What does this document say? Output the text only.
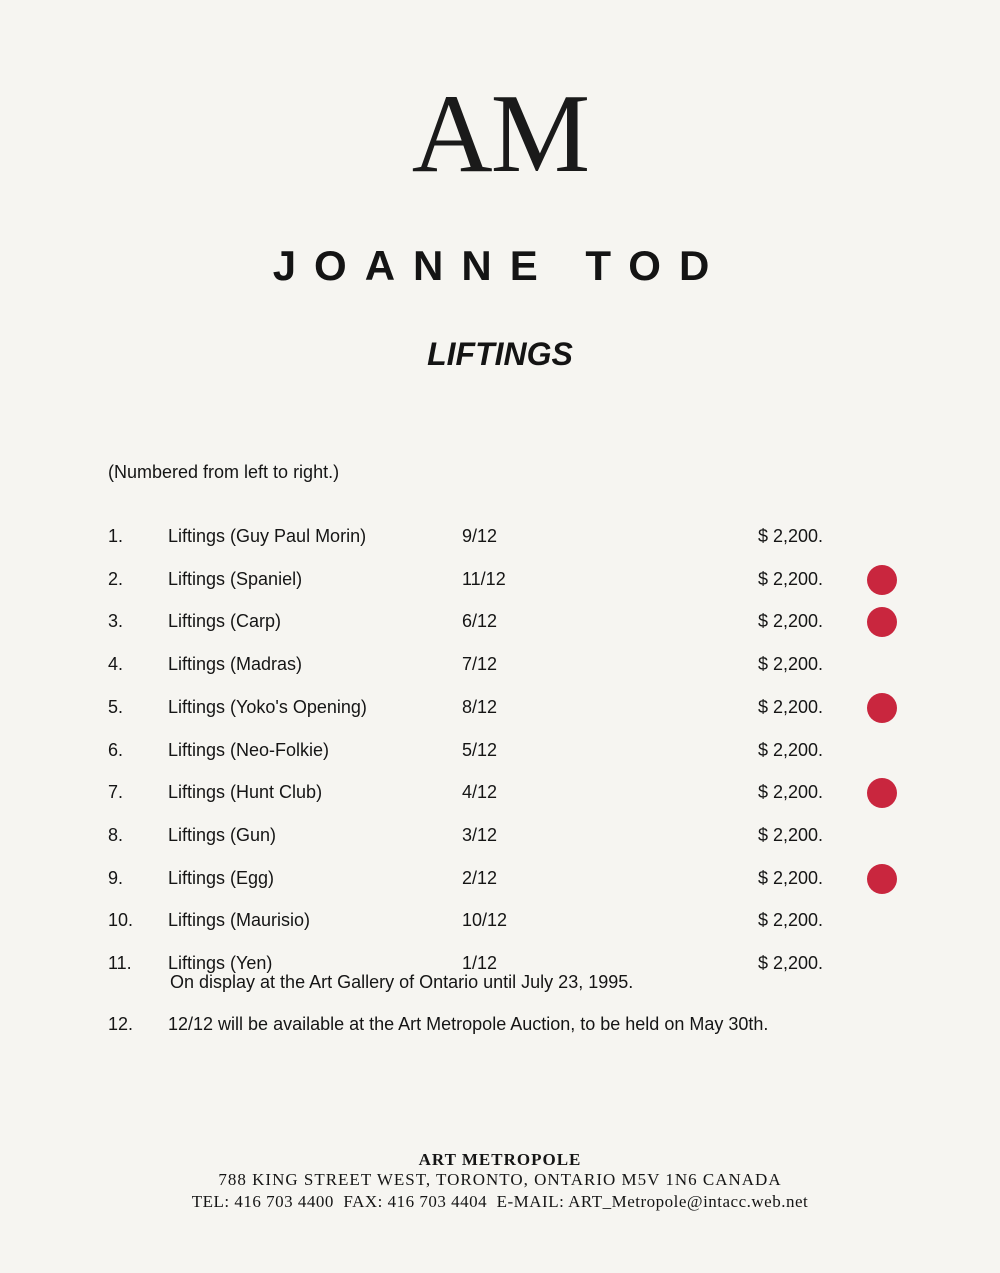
AM
JOANNE TOD
LIFTINGS
(Numbered from left to right.)
1. Liftings (Guy Paul Morin)	9/12	$ 2,200.
2. Liftings (Spaniel)	11/12	$ 2,200.
3. Liftings (Carp)	6/12	$ 2,200.
4. Liftings (Madras)	7/12	$ 2,200.
5. Liftings (Yoko's Opening)	8/12	$ 2,200.
6. Liftings (Neo-Folkie)	5/12	$ 2,200.
7. Liftings (Hunt Club)	4/12	$ 2,200.
8. Liftings (Gun)	3/12	$ 2,200.
9. Liftings (Egg)	2/12	$ 2,200.
10. Liftings (Maurisio)	10/12	$ 2,200.
11. Liftings (Yen)	1/12	$ 2,200.
On display at the Art Gallery of Ontario until July 23, 1995.
12. 12/12 will be available at the Art Metropole Auction, to be held on May 30th.
ART METROPOLE
788 KING STREET WEST, TORONTO, ONTARIO M5V 1N6 CANADA
TEL: 416 703 4400  FAX: 416 703 4404  E-MAIL: ART_Metropole@intacc.web.net
